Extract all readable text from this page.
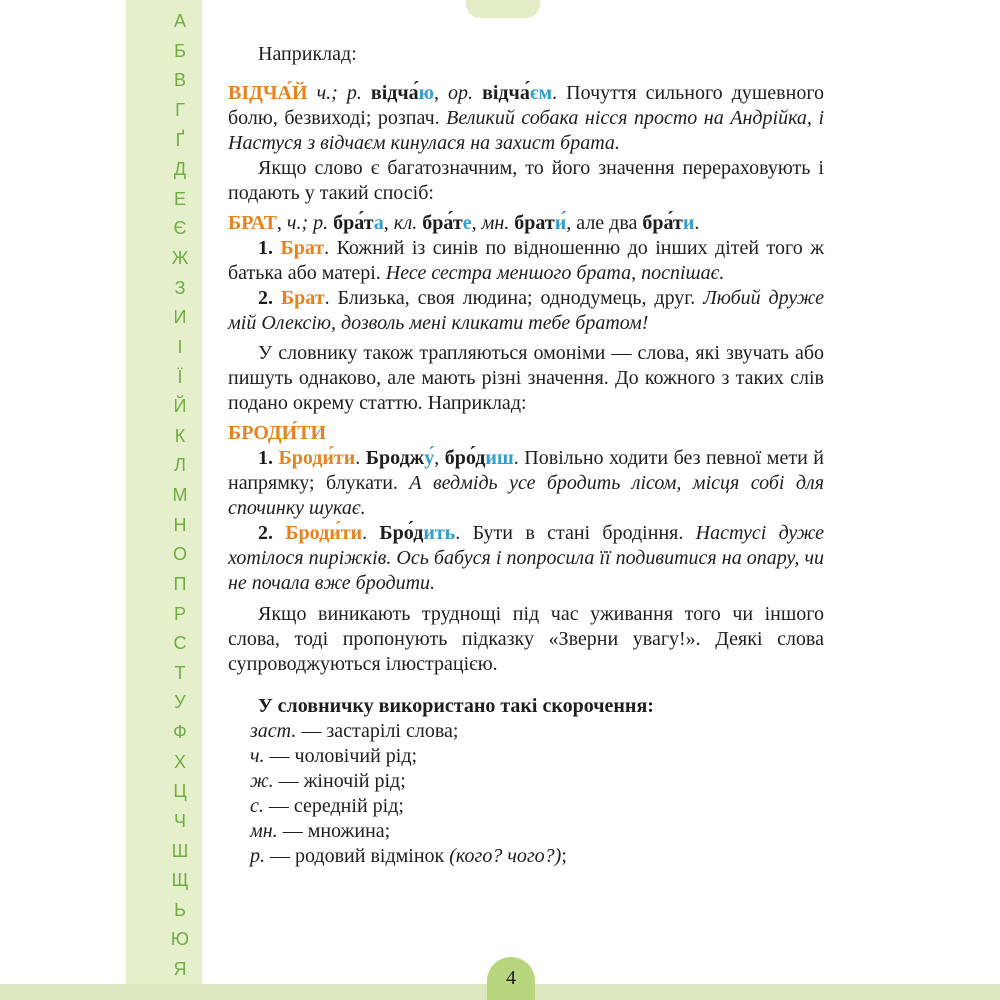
А
Б
В
Г
Ґ
Д
Е
Є
Ж
З
И
І
Ї
Й
К
Л
М
Н
О
П
Р
С
Т
У
Ф
Х
Ц
Ч
Ш
Щ
Ь
Ю
Я

Наприклад:

ВІДЧА́Й ч.; р. відча́ю, ор. відча́єм. Почуття сильного душевного болю, безвиході; розпач. Великий собака нісся просто на Андрійка, і Настуся з відчаєм кинулася на захист брата.

Якщо слово є багатозначним, то його значення перераховують і подають у такий спосіб:

БРАТ, ч.; р. бра́та, кл. бра́те, мн. брати́, але два бра́ти.

1. Брат. Кожний із синів по відношенню до інших дітей того ж батька або матері. Несе сестра меншого брата, поспішає.

2. Брат. Близька, своя людина; однодумець, друг. Любий друже мій Олексію, дозволь мені кликати тебе братом!

У словнику також трапляються омоніми — слова, які звучать або пишуть однаково, але мають різні значення. До кожного з таких слів подано окрему статтю. Наприклад:

БРОДИ́ТИ

1. Броди́ти. Броджу́, бро́диш. Повільно ходити без певної мети й напрямку; блукати. А ведмідь усе бродить лісом, місця собі для спочинку шукає.

2. Броди́ти. Бро́дить. Бути в стані бродіння. Настусі дуже хотілося пиріжків. Ось бабуся і попросила її подивитися на опару, чи не почала вже бродити.

Якщо виникають труднощі під час уживання того чи іншого слова, тоді пропонують підказку «Зверни увагу!». Деякі слова супроводжуються ілюстрацією.

У словничку використано такі скорочення:

заст. — застарілі слова;

ч. — чоловічий рід;

ж. — жіночій рід;

с. — середній рід;

мн. — множина;

р. — родовий відмінок (кого? чого?);

4
